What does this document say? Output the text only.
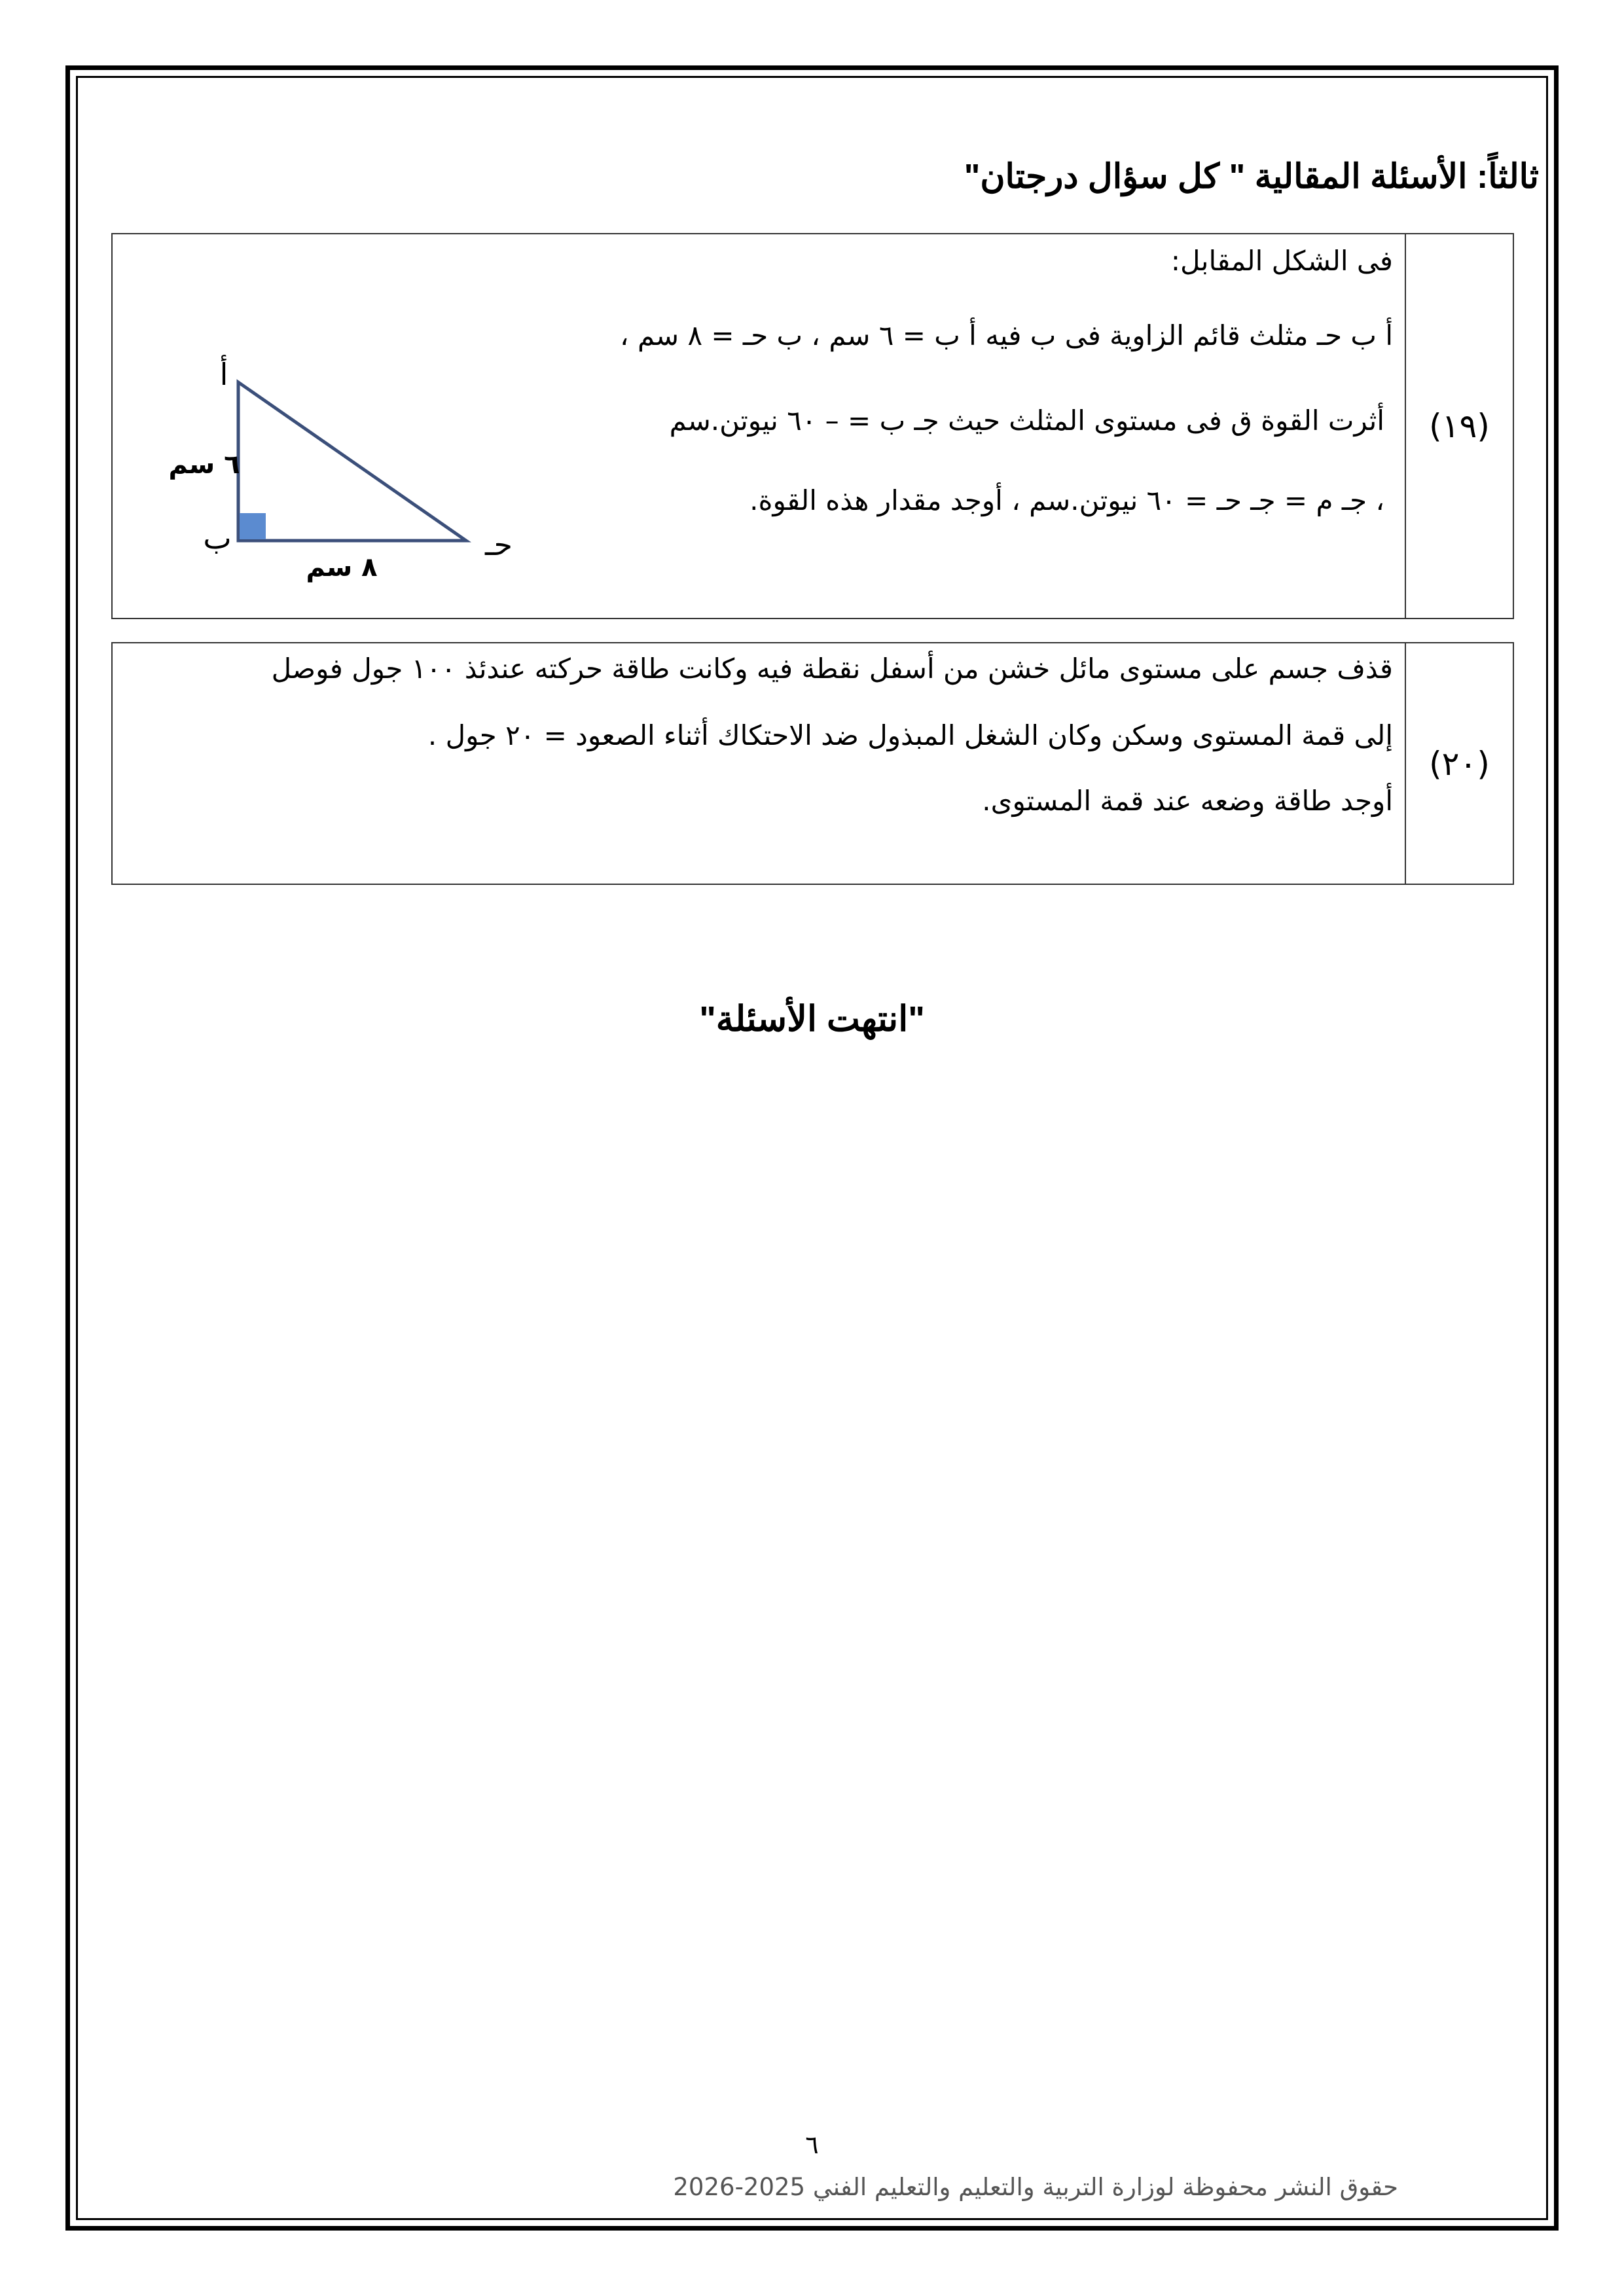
ثالثاً: الأسئلة المقالية " كل سؤال درجتان"
(١٩)
فى الشكل المقابل:
أ ب حـ مثلث قائم الزاوية فى ب فيه أ ب = ٦ سم ، ب حـ = ٨ سم ،
أثرت القوة ق فى مستوى المثلث حيث جـ ب = – ٦٠ نيوتن.سم
، جـ م = جـ حـ = ٦٠ نيوتن.سم ، أوجد مقدار هذه القوة.
أ
ب	حـ
٦ سم
٨ سم
(٢٠)
قذف جسم على مستوى مائل خشن من أسفل نقطة فيه وكانت طاقة حركته عندئذ ١٠٠ جول فوصل
إلى قمة المستوى وسكن وكان الشغل المبذول ضد الاحتكاك أثناء الصعود = ٢٠ جول .
أوجد طاقة وضعه عند قمة المستوى.
"انتهت الأسئلة"
٦
حقوق النشر محفوظة لوزارة التربية والتعليم والتعليم الفني 2025-2026
